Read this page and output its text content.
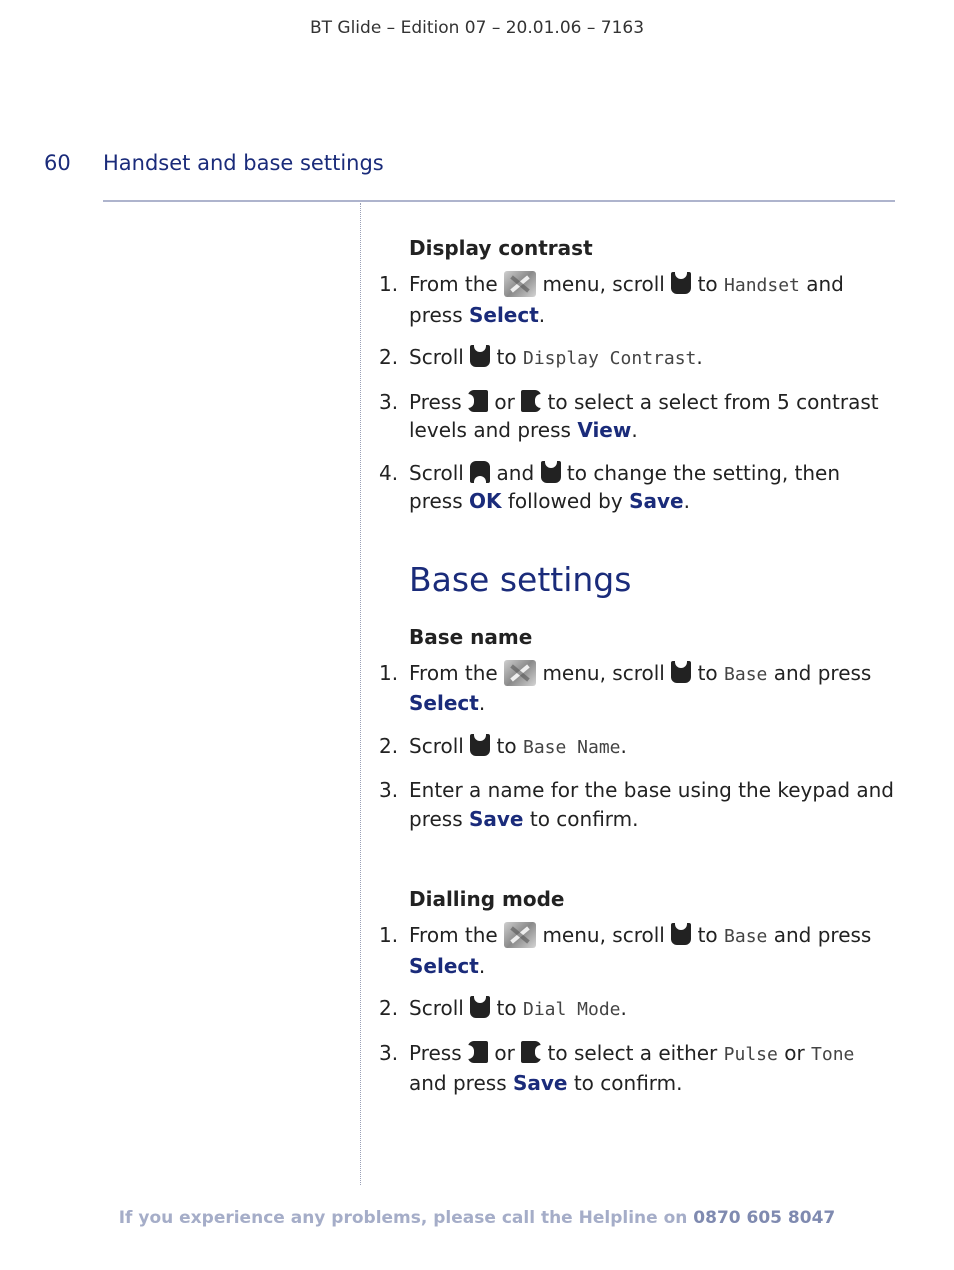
BT Glide – Edition 07 – 20.01.06 – 7163
60 Handset and base settings
Display contrast
1. From the menu, scroll to Handset and press Select.
2. Scroll to Display Contrast.
3. Press or to select a select from 5 contrast levels and press View.
4. Scroll and to change the setting, then press OK followed by Save.
Base settings
Base name
1. From the menu, scroll to Base and press Select.
2. Scroll to Base Name.
3. Enter a name for the base using the keypad and press Save to confirm.
Dialling mode
1. From the menu, scroll to Base and press Select.
2. Scroll to Dial Mode.
3. Press or to select a either Pulse or Tone and press Save to confirm.
If you experience any problems, please call the Helpline on 0870 605 8047
